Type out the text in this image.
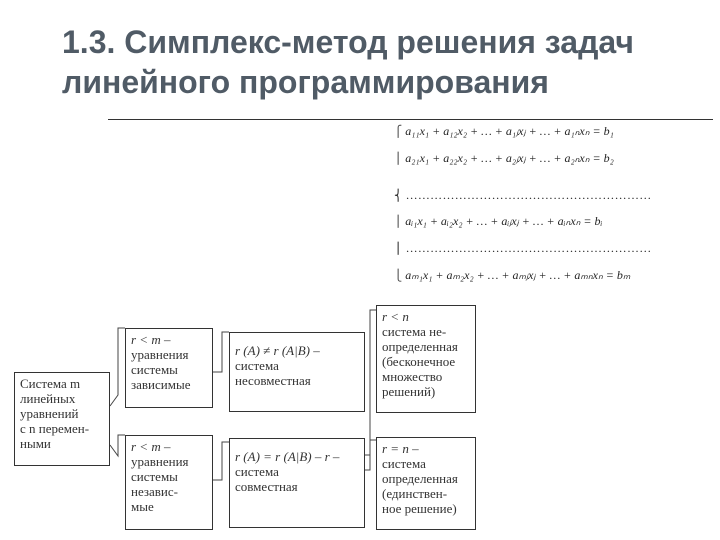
1.3. Симплекс-метод решения задач
линейного программирования
⎧ a₁₁x₁ + a₁₂x₂ + … + a₁ⱼxⱼ + … + a₁ₙxₙ = b₁
⎪ a₂₁x₁ + a₂₂x₂ + … + a₂ⱼxⱼ + … + a₂ₙxₙ = b₂
⎨ ……………………………………………………
⎪ aᵢ₁x₁ + aᵢ₂x₂ + … + aᵢⱼxⱼ + … + aᵢₙxₙ = bᵢ
⎪ ……………………………………………………
⎩ aₘ₁x₁ + aₘ₂x₂ + … + aₘⱼxⱼ + … + aₘₙxₙ = bₘ
Система m
линейных
уравнений
с n перемен-
ными
r < m –
уравнения
системы
зависимые
r < m –
уравнения
системы
независ-
мые
r (A) ≠ r (A|B) –
система
несовместная
r (A) = r (A|B) – r –
система
совместная
r < n
система не-
определенная
(бесконечное
множество
решений)
r = n –
система
определенная
(единствен-
ное решение)
